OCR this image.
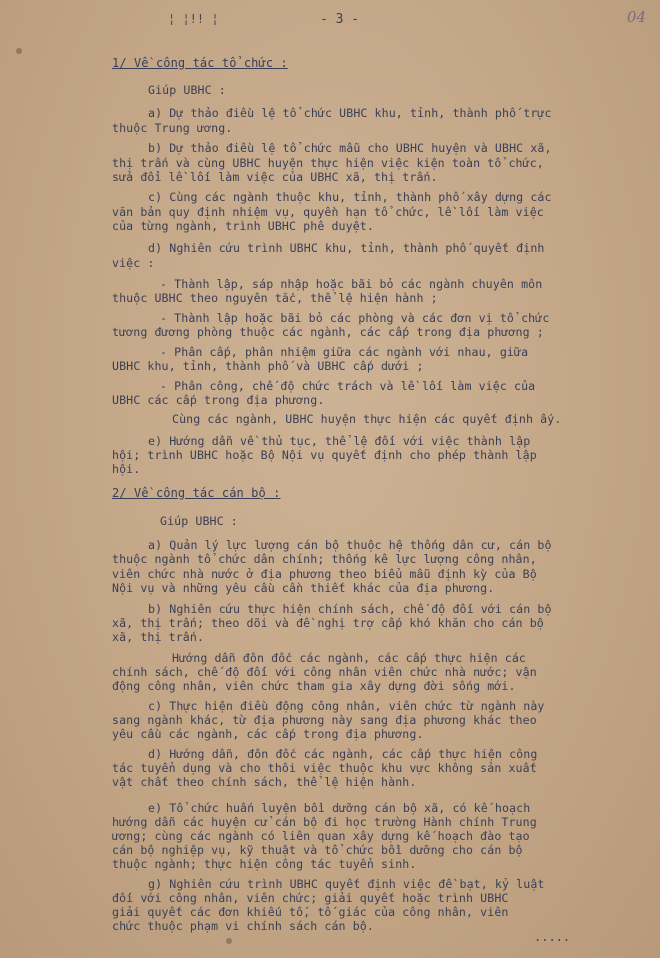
¦ ¦!! ¦	- 3 -	04
1/ Về công tác tổ chức :
Giúp UBHC :
a) Dự thảo điều lệ tổ chức UBHC khu, tỉnh, thành phố trực
thuộc Trung ương.
b) Dự thảo điều lệ tổ chức mẫu cho UBHC huyện và UBHC xã,
thị trấn và cùng UBHC huyện thực hiện việc kiện toàn tổ chức,
sửa đổi lề lối làm việc của UBHC xã, thị trấn.
c) Cùng các ngành thuộc khu, tỉnh, thành phố xây dựng các
văn bản quy định nhiệm vụ, quyền hạn tổ chức, lề lối làm việc
của từng ngành, trình UBHC phê duyệt.
d) Nghiên cứu trình UBHC khu, tỉnh, thành phố quyết định
việc :
- Thành lập, sáp nhập hoặc bãi bỏ các ngành chuyên môn
thuộc UBHC theo nguyên tắc, thể lệ hiện hành ;
- Thành lập hoặc bãi bỏ các phòng và các đơn vị tổ chức
tương đương phòng thuộc các ngành, các cấp trong địa phương ;
- Phân cấp, phân nhiệm giữa các ngành với nhau, giữa
UBHC khu, tỉnh, thành phố và UBHC cấp dưới ;
- Phân công, chế độ chức trách và lề lối làm việc của
UBHC các cấp trong địa phương.
Cùng các ngành, UBHC huyện thực hiện các quyết định ấy.
e) Hướng dẫn về thủ tục, thể lệ đối với việc thành lập
hội; trình UBHC hoặc Bộ Nội vụ quyết định cho phép thành lập
hội.
2/ Về công tác cán bộ :
Giúp UBHC :
a) Quản lý lực lượng cán bộ thuộc hệ thống dân cư, cán bộ
thuộc ngành tổ chức dân chính; thống kê lực lượng công nhân,
viên chức nhà nước ở địa phương theo biểu mẫu định kỳ của Bộ
Nội vụ và những yêu cầu cần thiết khác của địa phương.
b) Nghiên cứu thực hiện chính sách, chế độ đối với cán bộ
xã, thị trấn; theo dõi và đề nghị trợ cấp khó khăn cho cán bộ
xã, thị trấn.
Hướng dẫn đôn đốc các ngành, các cấp thực hiện các
chính sách, chế độ đối với công nhân viên chức nhà nước; vận
động công nhân, viên chức tham gia xây dựng đời sống mới.
c) Thực hiện điều động công nhân, viên chức từ ngành này
sang ngành khác, từ địa phương này sang địa phương khác theo
yêu cầu các ngành, các cấp trong địa phương.
d) Hướng dẫn, đôn đốc các ngành, các cấp thực hiện công
tác tuyển dụng và cho thôi việc thuộc khu vực không sản xuất
vật chất theo chính sách, thể lệ hiện hành.
e) Tổ chức huấn luyện bồi dưỡng cán bộ xã, có kế hoạch
hướng dẫn các huyện cử cán bộ đi học trường Hành chính Trung
ương; cùng các ngành có liên quan xây dựng kế hoạch đào tạo
cán bộ nghiệp vụ, kỹ thuật và tổ chức bồi dưỡng cho cán bộ
thuộc ngành; thực hiện công tác tuyển sinh.
g) Nghiên cứu trình UBHC quyết định việc đề bạt, kỷ luật
đối với công nhân, viên chức; giải quyết hoặc trình UBHC
giải quyết các đơn khiếu tố, tố giác của công nhân, viên
chức thuộc phạm vi chính sách cán bộ.
.....
